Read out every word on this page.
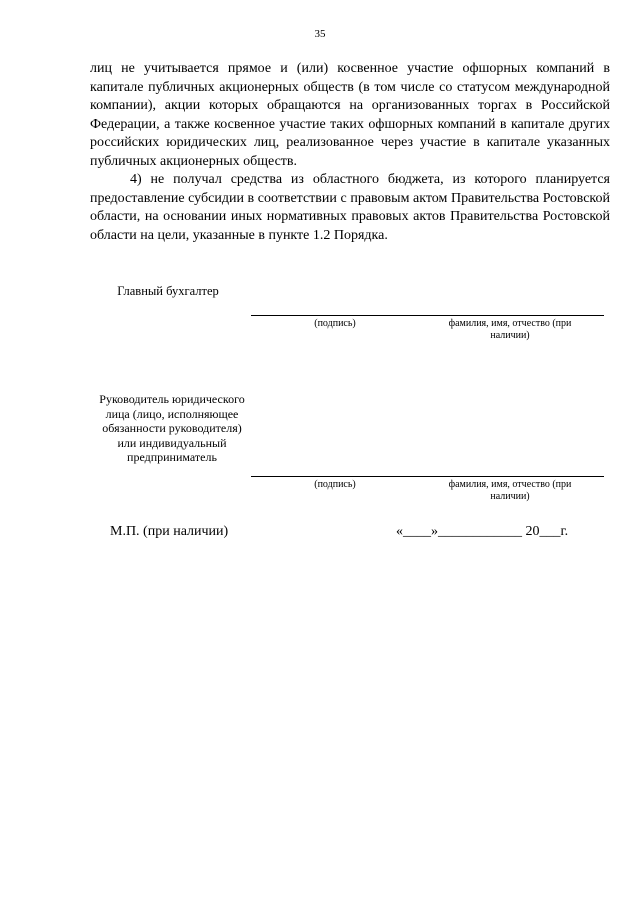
35

лиц не учитывается прямое и (или) косвенное участие офшорных компаний в капитале публичных акционерных обществ (в том числе со статусом международной компании), акции которых обращаются на организованных торгах в Российской Федерации, а также косвенное участие таких офшорных компаний в капитале других российских юридических лиц, реализованное через участие в капитале указанных публичных акционерных обществ.

4) не получал средства из областного бюджета, из которого планируется предоставление субсидии в соответствии с правовым актом Правительства Ростовской области, на основании иных нормативных правовых актов Правительства Ростовской области на цели, указанные в пункте 1.2 Порядка.

Главный бухгалтер
(подпись)	фамилия, имя, отчество (при наличии)
Руководитель юридического лица (лицо, исполняющее обязанности руководителя) или индивидуальный предприниматель
(подпись)	фамилия, имя, отчество (при наличии)
М.П. (при наличии)	«____»____________ 20___г.
